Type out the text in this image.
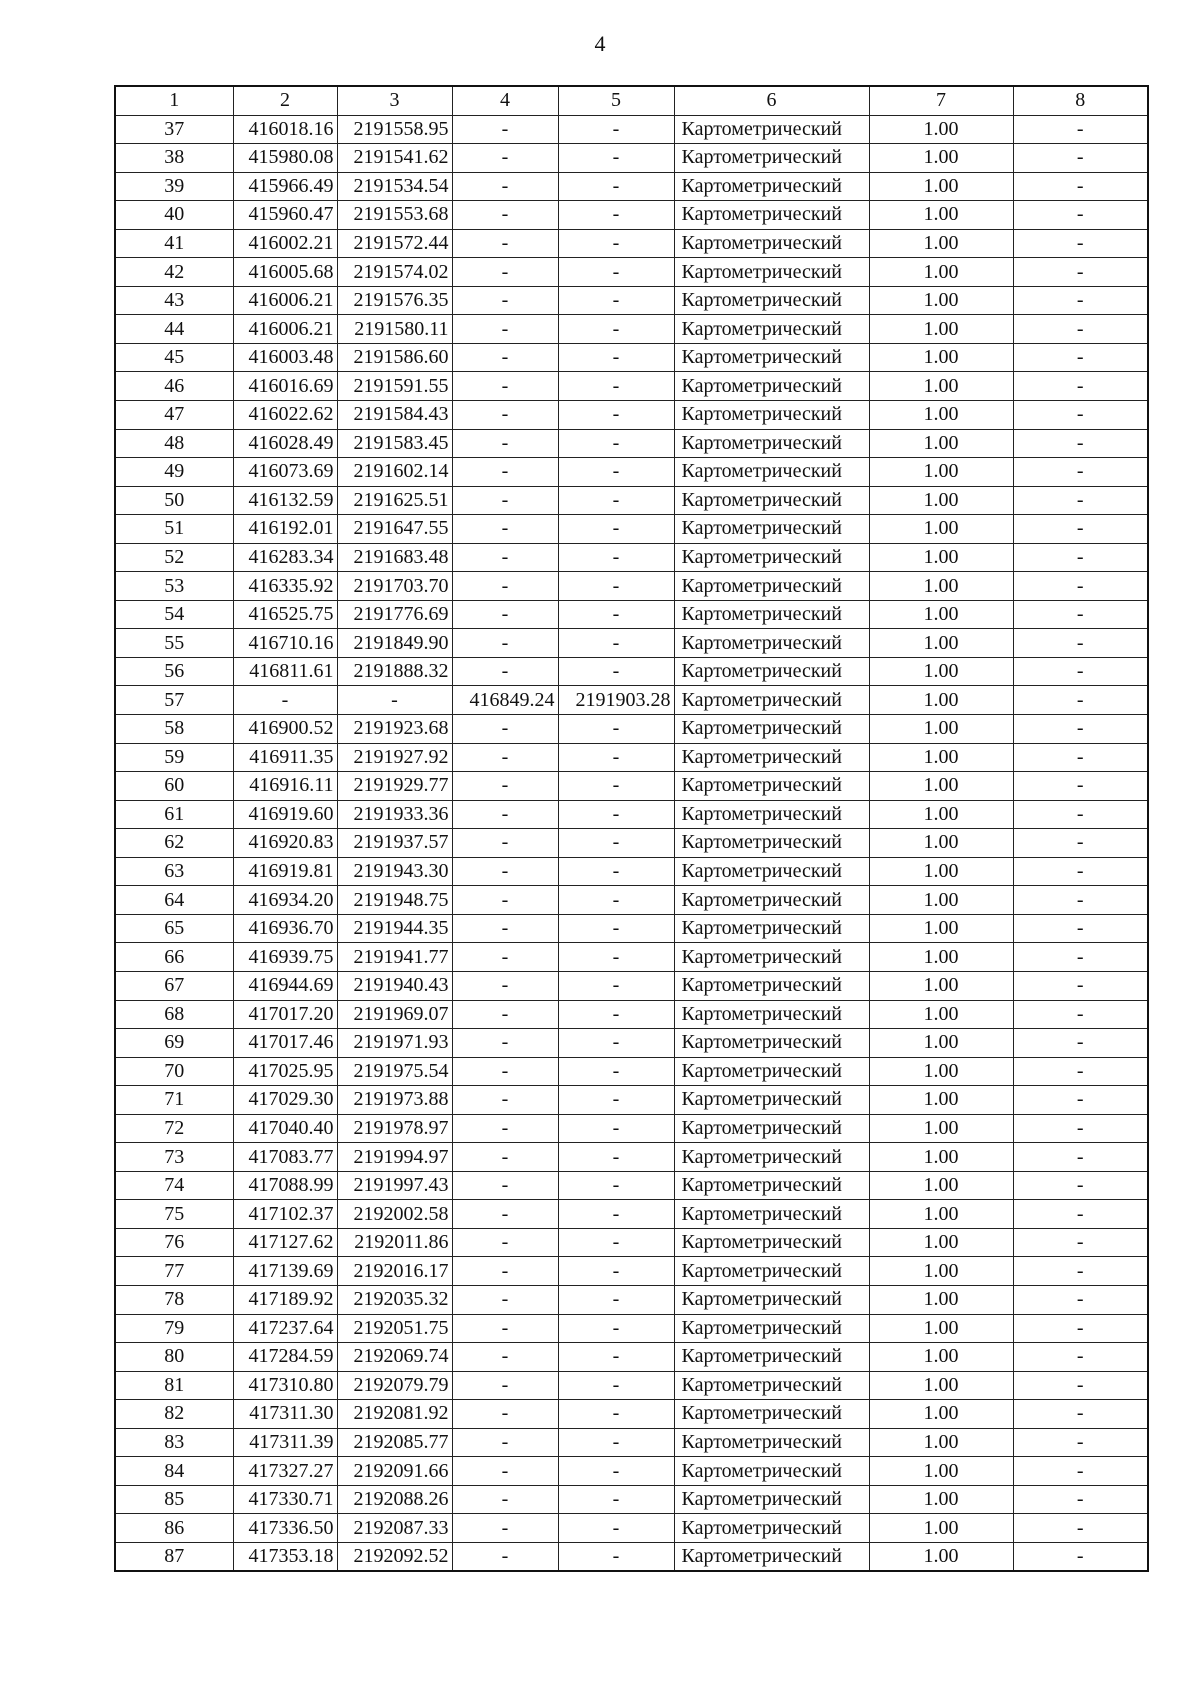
4
1	2	3	4	5	6	7	8
37	416018.16	2191558.95	-	-	Картометрический	1.00	-
38	415980.08	2191541.62	-	-	Картометрический	1.00	-
39	415966.49	2191534.54	-	-	Картометрический	1.00	-
40	415960.47	2191553.68	-	-	Картометрический	1.00	-
41	416002.21	2191572.44	-	-	Картометрический	1.00	-
42	416005.68	2191574.02	-	-	Картометрический	1.00	-
43	416006.21	2191576.35	-	-	Картометрический	1.00	-
44	416006.21	2191580.11	-	-	Картометрический	1.00	-
45	416003.48	2191586.60	-	-	Картометрический	1.00	-
46	416016.69	2191591.55	-	-	Картометрический	1.00	-
47	416022.62	2191584.43	-	-	Картометрический	1.00	-
48	416028.49	2191583.45	-	-	Картометрический	1.00	-
49	416073.69	2191602.14	-	-	Картометрический	1.00	-
50	416132.59	2191625.51	-	-	Картометрический	1.00	-
51	416192.01	2191647.55	-	-	Картометрический	1.00	-
52	416283.34	2191683.48	-	-	Картометрический	1.00	-
53	416335.92	2191703.70	-	-	Картометрический	1.00	-
54	416525.75	2191776.69	-	-	Картометрический	1.00	-
55	416710.16	2191849.90	-	-	Картометрический	1.00	-
56	416811.61	2191888.32	-	-	Картометрический	1.00	-
57	-	-	416849.24	2191903.28	Картометрический	1.00	-
58	416900.52	2191923.68	-	-	Картометрический	1.00	-
59	416911.35	2191927.92	-	-	Картометрический	1.00	-
60	416916.11	2191929.77	-	-	Картометрический	1.00	-
61	416919.60	2191933.36	-	-	Картометрический	1.00	-
62	416920.83	2191937.57	-	-	Картометрический	1.00	-
63	416919.81	2191943.30	-	-	Картометрический	1.00	-
64	416934.20	2191948.75	-	-	Картометрический	1.00	-
65	416936.70	2191944.35	-	-	Картометрический	1.00	-
66	416939.75	2191941.77	-	-	Картометрический	1.00	-
67	416944.69	2191940.43	-	-	Картометрический	1.00	-
68	417017.20	2191969.07	-	-	Картометрический	1.00	-
69	417017.46	2191971.93	-	-	Картометрический	1.00	-
70	417025.95	2191975.54	-	-	Картометрический	1.00	-
71	417029.30	2191973.88	-	-	Картометрический	1.00	-
72	417040.40	2191978.97	-	-	Картометрический	1.00	-
73	417083.77	2191994.97	-	-	Картометрический	1.00	-
74	417088.99	2191997.43	-	-	Картометрический	1.00	-
75	417102.37	2192002.58	-	-	Картометрический	1.00	-
76	417127.62	2192011.86	-	-	Картометрический	1.00	-
77	417139.69	2192016.17	-	-	Картометрический	1.00	-
78	417189.92	2192035.32	-	-	Картометрический	1.00	-
79	417237.64	2192051.75	-	-	Картометрический	1.00	-
80	417284.59	2192069.74	-	-	Картометрический	1.00	-
81	417310.80	2192079.79	-	-	Картометрический	1.00	-
82	417311.30	2192081.92	-	-	Картометрический	1.00	-
83	417311.39	2192085.77	-	-	Картометрический	1.00	-
84	417327.27	2192091.66	-	-	Картометрический	1.00	-
85	417330.71	2192088.26	-	-	Картометрический	1.00	-
86	417336.50	2192087.33	-	-	Картометрический	1.00	-
87	417353.18	2192092.52	-	-	Картометрический	1.00	-
